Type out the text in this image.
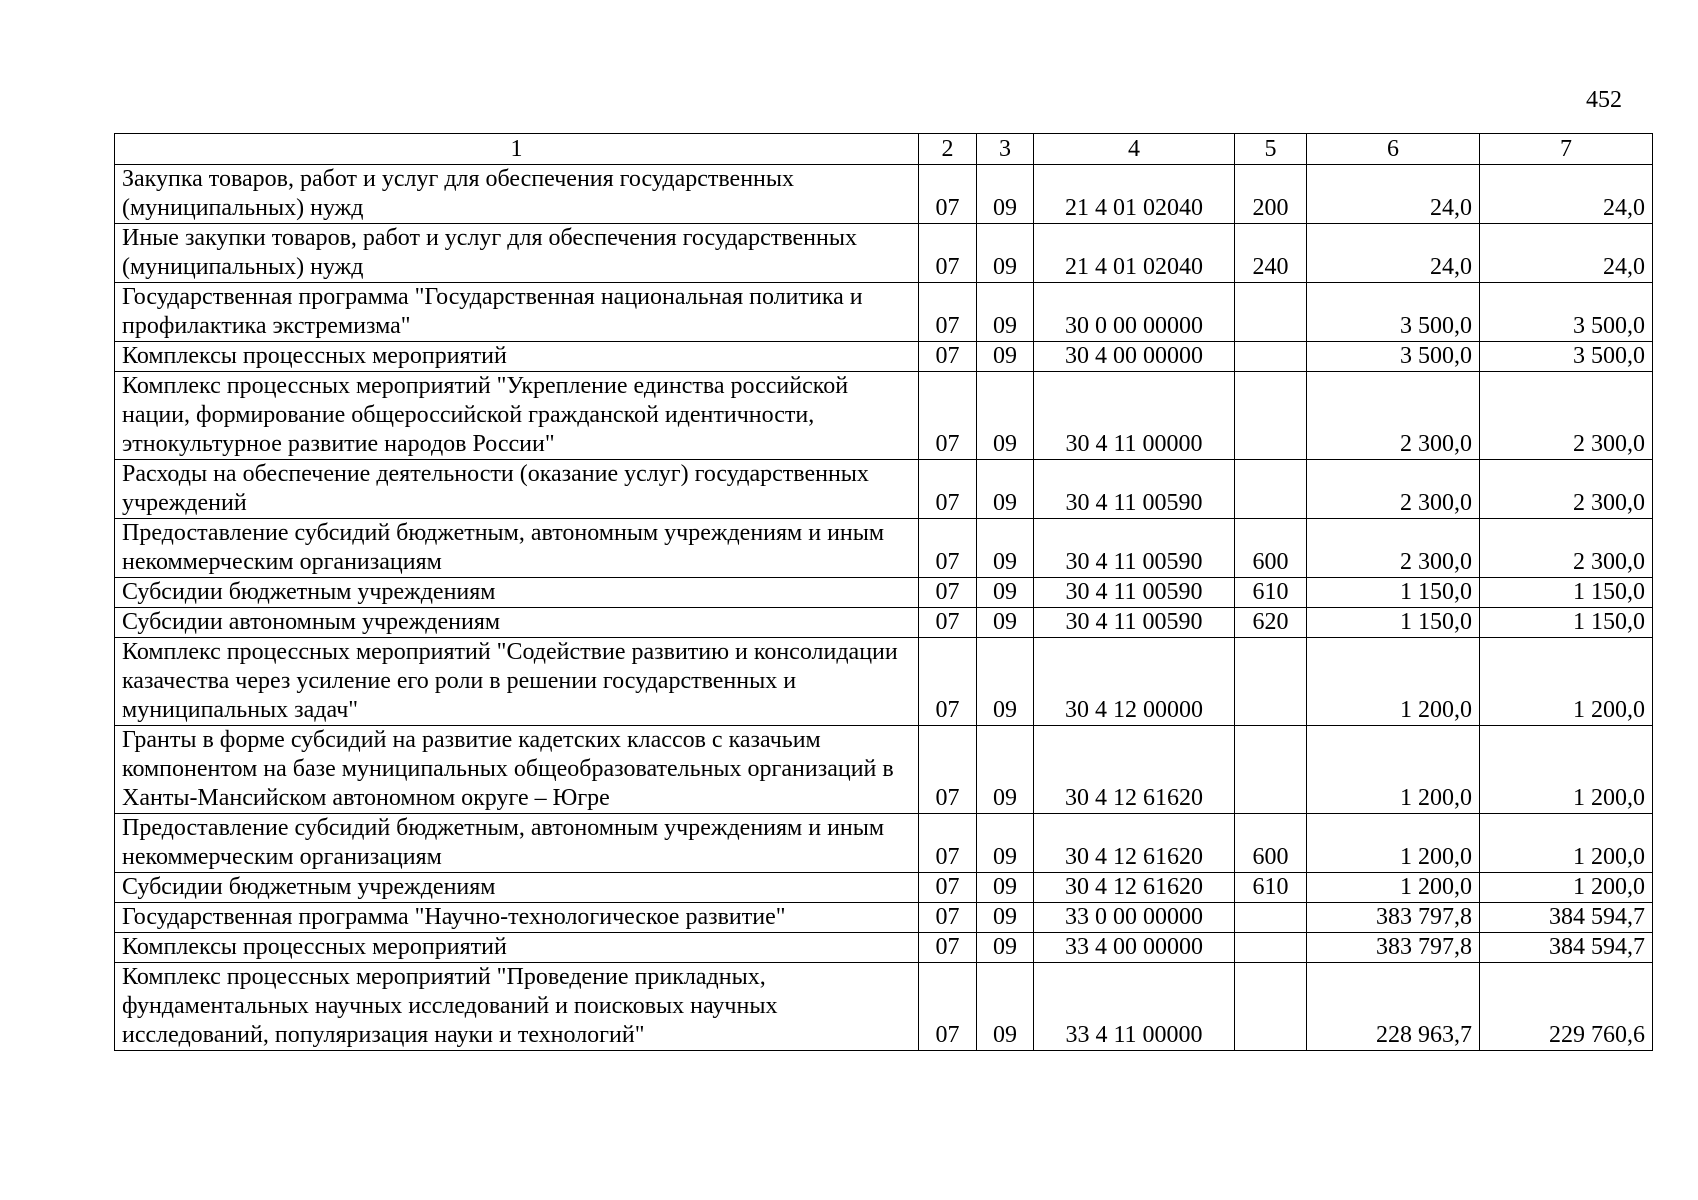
452
1	2	3	4	5	6	7
Закупка товаров, работ и услуг для обеспечения государственных (муниципальных) нужд	07	09	21 4 01 02040	200	24,0	24,0
Иные закупки товаров, работ и услуг для обеспечения государственных (муниципальных) нужд	07	09	21 4 01 02040	240	24,0	24,0
Государственная программа "Государственная национальная политика и профилактика экстремизма"	07	09	30 0 00 00000		3 500,0	3 500,0
Комплексы процессных мероприятий	07	09	30 4 00 00000		3 500,0	3 500,0
Комплекс процессных мероприятий "Укрепление единства российской нации, формирование общероссийской гражданской идентичности, этнокультурное развитие народов России"	07	09	30 4 11 00000		2 300,0	2 300,0
Расходы на обеспечение деятельности (оказание услуг) государственных учреждений	07	09	30 4 11 00590		2 300,0	2 300,0
Предоставление субсидий бюджетным, автономным учреждениям и иным некоммерческим организациям	07	09	30 4 11 00590	600	2 300,0	2 300,0
Субсидии бюджетным учреждениям	07	09	30 4 11 00590	610	1 150,0	1 150,0
Субсидии автономным учреждениям	07	09	30 4 11 00590	620	1 150,0	1 150,0
Комплекс процессных мероприятий "Содействие развитию и консолидации казачества через усиление его роли в решении государственных и муниципальных задач"	07	09	30 4 12 00000		1 200,0	1 200,0
Гранты в форме субсидий на развитие кадетских классов с казачьим компонентом на базе муниципальных общеобразовательных организаций в Ханты-Мансийском автономном округе – Югре	07	09	30 4 12 61620		1 200,0	1 200,0
Предоставление субсидий бюджетным, автономным учреждениям и иным некоммерческим организациям	07	09	30 4 12 61620	600	1 200,0	1 200,0
Субсидии бюджетным учреждениям	07	09	30 4 12 61620	610	1 200,0	1 200,0
Государственная программа "Научно-технологическое развитие"	07	09	33 0 00 00000		383 797,8	384 594,7
Комплексы процессных мероприятий	07	09	33 4 00 00000		383 797,8	384 594,7
Комплекс процессных мероприятий "Проведение прикладных, фундаментальных научных исследований и поисковых научных исследований, популяризация науки и технологий"	07	09	33 4 11 00000		228 963,7	229 760,6
